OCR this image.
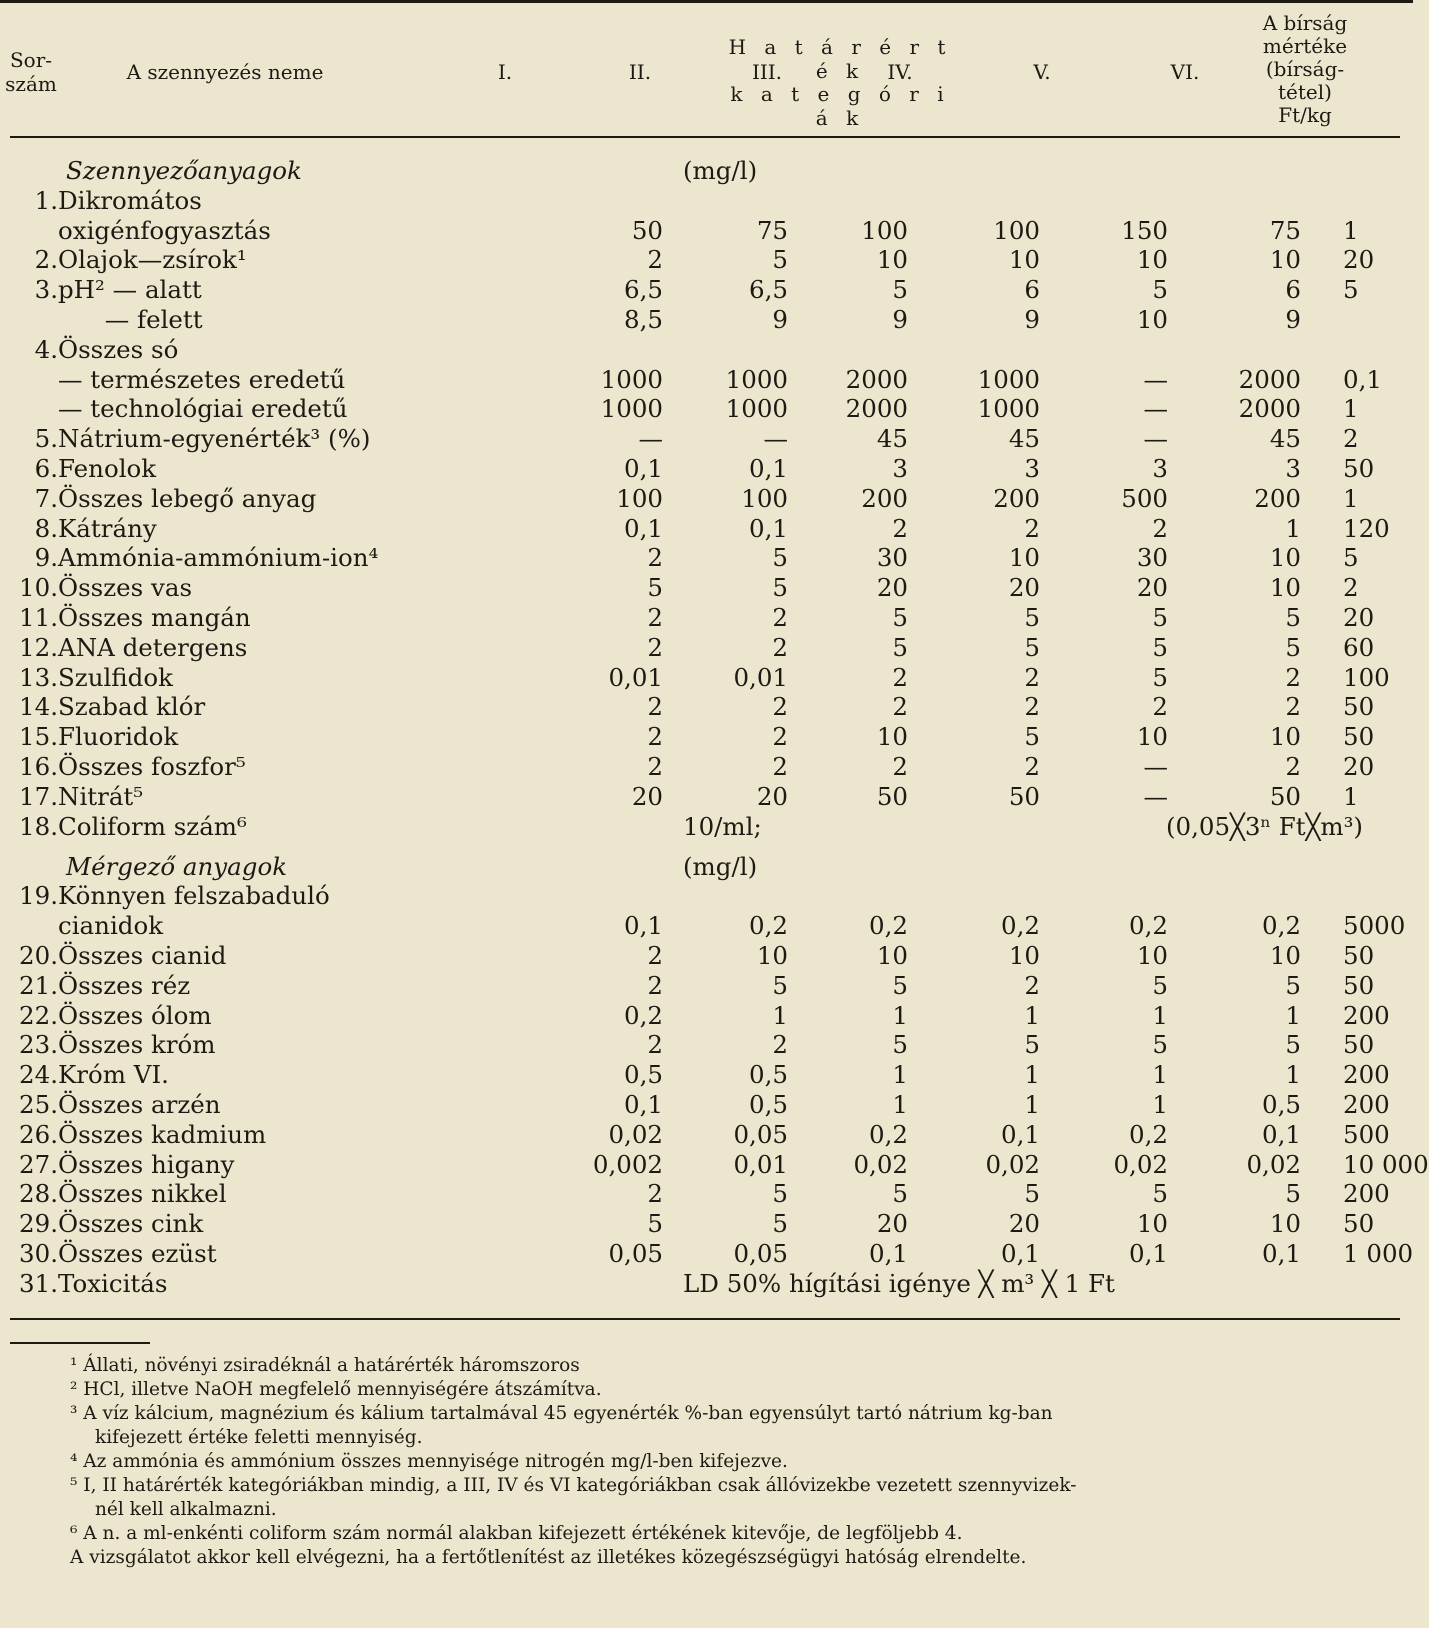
Sor-
szám	A szennyezés neme
H a t á r é r t é k
I.	II.	III.	IV.	V.	VI.
k a t e g ó r i á k
A bírság
mértéke
(bírság-
tétel)
Ft/kg
	Szennyezőanyagok			(mg/l)					
1.	Dikromátos								
	oxigénfogyasztás		50	75	100	100	150	75	1
2.	Olajok—zsírok¹		2	5	10	10	10	10	20
3.	pH² — alatt		6,5	6,5	5	6	5	6	5
	— felett		8,5	9	9	9	10	9	
4.	Összes só								
	— természetes eredetű		1000	1000	2000	1000	—	2000	0,1
	— technológiai eredetű		1000	1000	2000	1000	—	2000	1
5.	Nátrium-egyenérték³ (%)		—	—	45	45	—	45	2
6.	Fenolok		0,1	0,1	3	3	3	3	50
7.	Összes lebegő anyag		100	100	200	200	500	200	1
8.	Kátrány		0,1	0,1	2	2	2	1	120
9.	Ammónia-ammónium-ion⁴		2	5	30	10	30	10	5
10.	Összes vas		5	5	20	20	20	10	2
11.	Összes mangán		2	2	5	5	5	5	20
12.	ANA detergens		2	2	5	5	5	5	60
13.	Szulfidok		0,01	0,01	2	2	5	2	100
14.	Szabad klór		2	2	2	2	2	2	50
15.	Fluoridok		2	2	10	5	10	10	50
16.	Összes foszfor⁵		2	2	2	2	—	2	20
17.	Nitrát⁵		20	20	50	50	—	50	1
18.	Coliform szám⁶			10/ml;			(0,05╳3ⁿ Ft╳m³)		
	Mérgező anyagok			(mg/l)					
19.	Könnyen felszabaduló								
	cianidok		0,1	0,2	0,2	0,2	0,2	0,2	5000
20.	Összes cianid		2	10	10	10	10	10	50
21.	Összes réz		2	5	5	2	5	5	50
22.	Összes ólom		0,2	1	1	1	1	1	200
23.	Összes króm		2	2	5	5	5	5	50
24.	Króm VI.		0,5	0,5	1	1	1	1	200
25.	Összes arzén		0,1	0,5	1	1	1	0,5	200
26.	Összes kadmium		0,02	0,05	0,2	0,1	0,2	0,1	500
27.	Összes higany		0,002	0,01	0,02	0,02	0,02	0,02	10 000
28.	Összes nikkel		2	5	5	5	5	5	200
29.	Összes cink		5	5	20	20	10	10	50
30.	Összes ezüst		0,05	0,05	0,1	0,1	0,1	0,1	1 000
31.	Toxicitás			LD 50% hígítási igénye ╳ m³ ╳ 1 Ft					
¹ Állati, növényi zsiradéknál a határérték háromszoros
² HCl, illetve NaOH megfelelő mennyiségére átszámítva.
³ A víz kálcium, magnézium és kálium tartalmával 45 egyenérték %-ban egyensúlyt tartó nátrium kg-ban
kifejezett értéke feletti mennyiség.
⁴ Az ammónia és ammónium összes mennyisége nitrogén mg/l-ben kifejezve.
⁵ I, II határérték kategóriákban mindig, a III, IV és VI kategóriákban csak állóvizekbe vezetett szennyvizek-
nél kell alkalmazni.
⁶ A n. a ml-enkénti coliform szám normál alakban kifejezett értékének kitevője, de legföljebb 4.
A vizsgálatot akkor kell elvégezni, ha a fertőtlenítést az illetékes közegészségügyi hatóság elrendelte.
